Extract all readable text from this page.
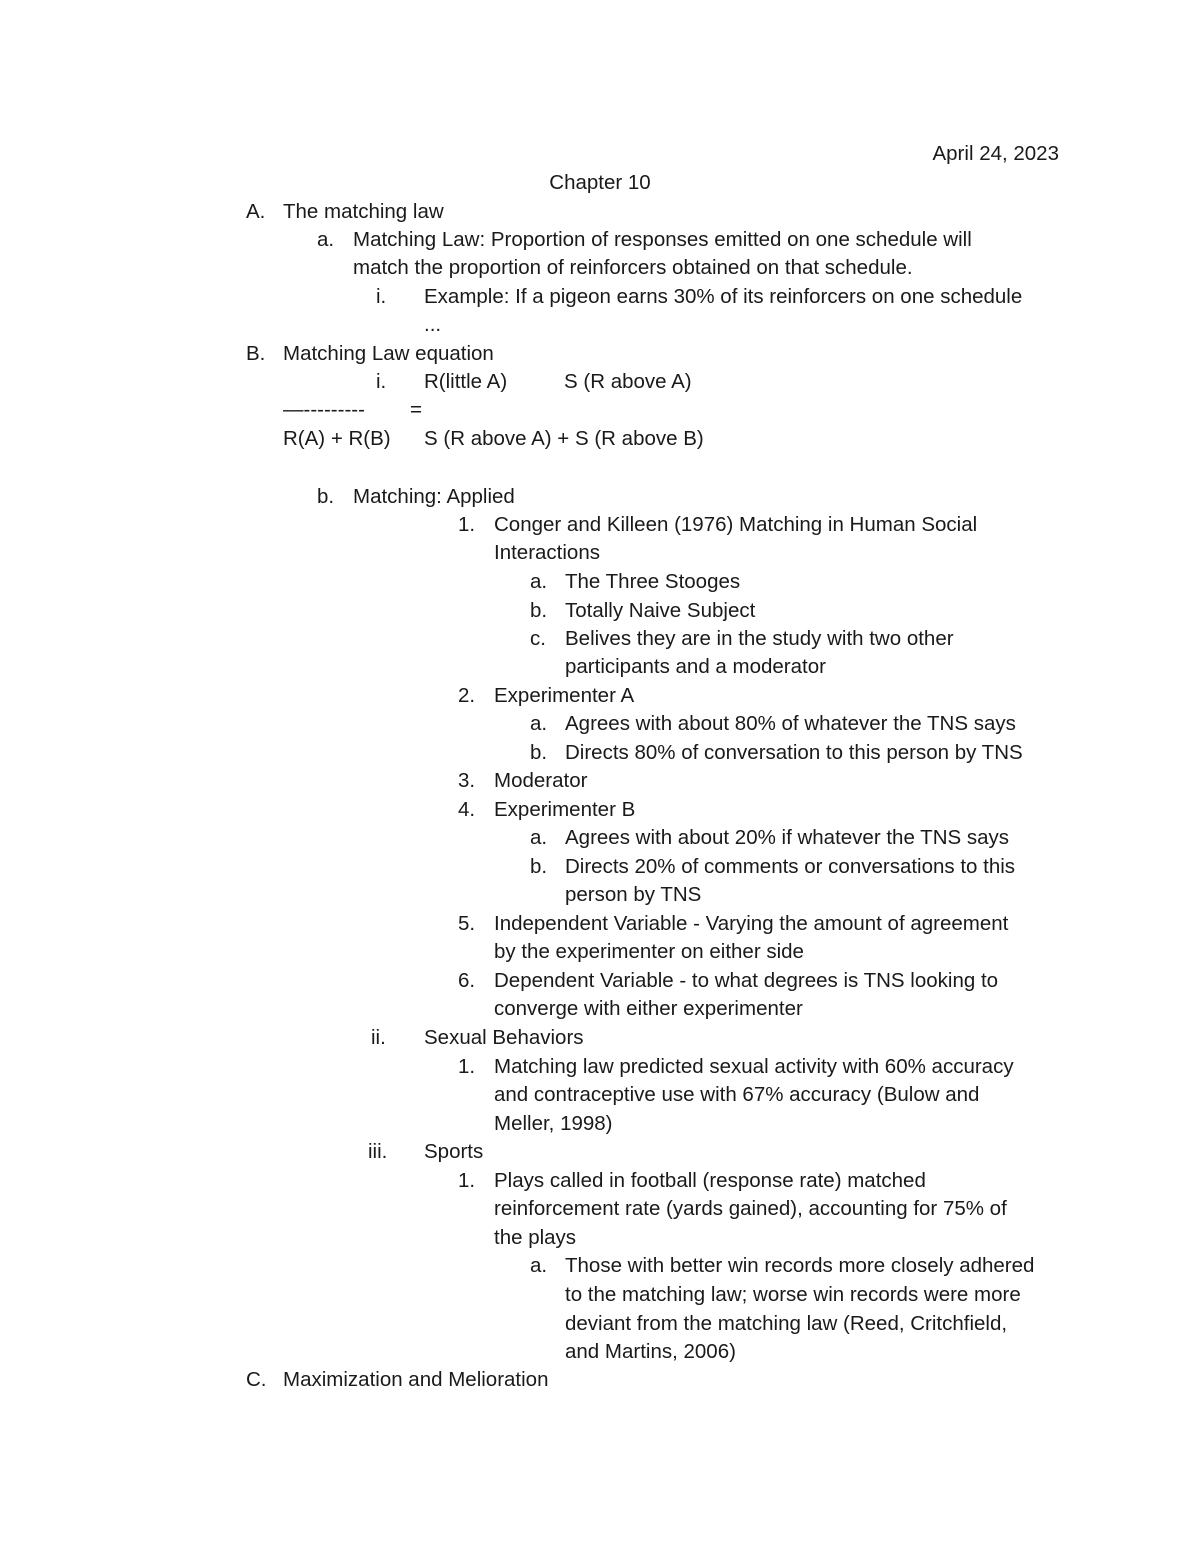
April 24, 2023
Chapter 10
A. The matching law
a. Matching Law: Proportion of responses emitted on one schedule will
match the proportion of reinforcers obtained on that schedule.
i. Example: If a pigeon earns 30% of its reinforcers on one schedule
...
B. Matching Law equation
i. R(little A)	S (R above A)
—--------- =
R(A) + R(B) S (R above A) + S (R above B)
b. Matching: Applied
1. Conger and Killeen (1976) Matching in Human Social
Interactions
a. The Three Stooges
b. Totally Naive Subject
c. Belives they are in the study with two other
participants and a moderator
2. Experimenter A
a. Agrees with about 80% of whatever the TNS says
b. Directs 80% of conversation to this person by TNS
3. Moderator
4. Experimenter B
a. Agrees with about 20% if whatever the TNS says
b. Directs 20% of comments or conversations to this
person by TNS
5. Independent Variable - Varying the amount of agreement
by the experimenter on either side
6. Dependent Variable - to what degrees is TNS looking to
converge with either experimenter
ii. Sexual Behaviors
1. Matching law predicted sexual activity with 60% accuracy
and contraceptive use with 67% accuracy (Bulow and
Meller, 1998)
iii. Sports
1. Plays called in football (response rate) matched
reinforcement rate (yards gained), accounting for 75% of
the plays
a. Those with better win records more closely adhered
to the matching law; worse win records were more
deviant from the matching law (Reed, Critchfield,
and Martins, 2006)
C. Maximization and Melioration
